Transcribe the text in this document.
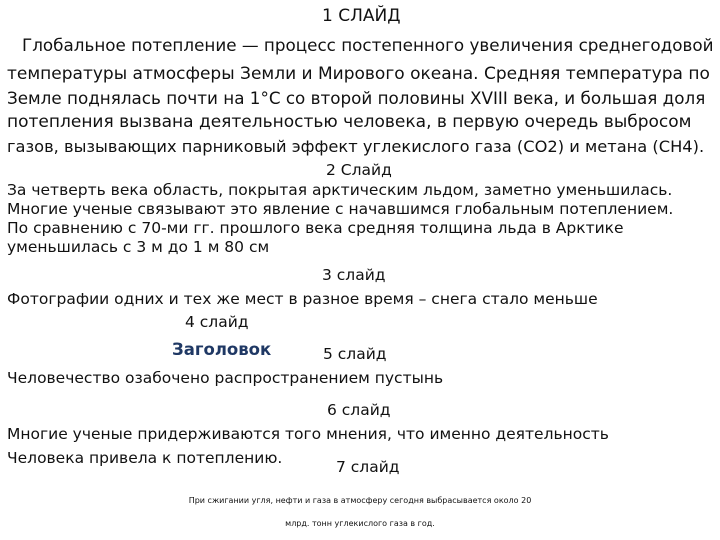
1 СЛАЙД
Глобальное потепление — процесс постепенного увеличения среднегодовой
температуры атмосферы Земли и Мирового океана. Средняя температура по
Земле поднялась почти на 1°C со второй половины XVIII века, и большая доля
потепления вызвана деятельностью человека, в первую очередь выбросом
газов, вызывающих парниковый эффект углекислого газа (CO2) и метана (CH4).
2 Слайд
За четверть века область, покрытая арктическим льдом, заметно уменьшилась.
Многие ученые связывают это явление с начавшимся глобальным потеплением.
По сравнению с 70-ми гг. прошлого века средняя толщина льда в Арктике
уменьшилась с 3 м до 1 м 80 см
3 слайд
Фотографии одних и тех же мест в разное время – снега стало меньше
4 слайд
Заголовок	5 слайд
Человечество озабочено распространением пустынь
6 слайд
Многие ученые придерживаются того мнения, что именно деятельность
Человека привела к потеплению.	7 слайд
При сжигании угля, нефти и газа в атмосферу сегодня выбрасывается около 20
млрд. тонн углекислого газа в год.
